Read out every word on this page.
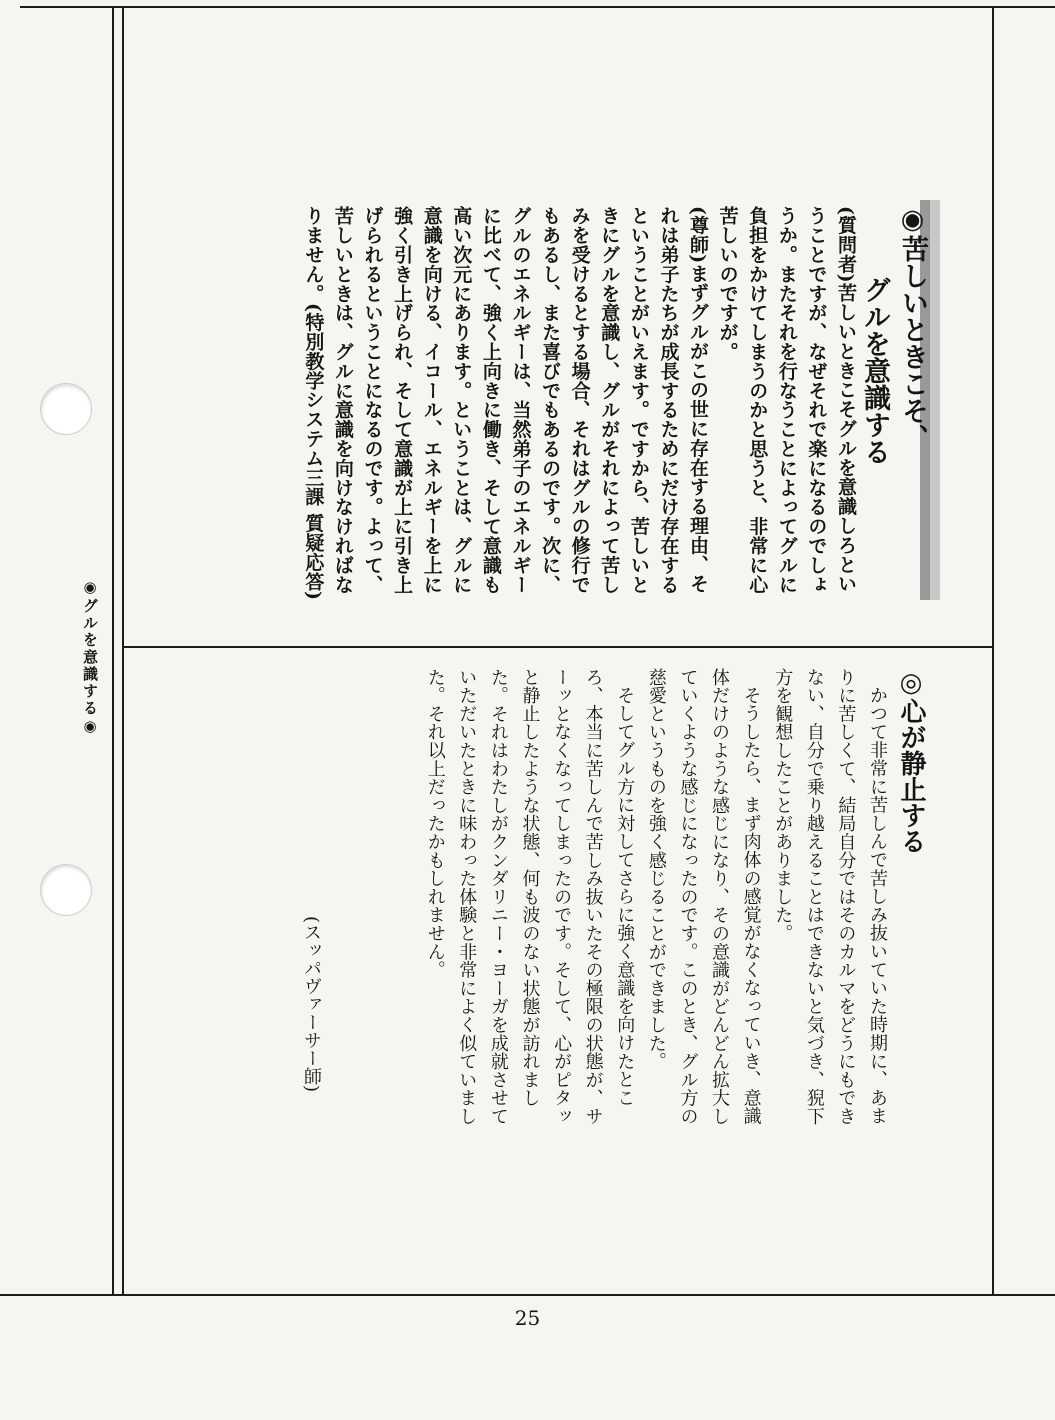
◉グルを意識する◉
◉苦しいときこそ、
グルを意識する

(質問者)苦しいときこそグルを意識しろということですが、なぜそれで楽になるのでしょうか。またそれを行なうことによってグルに負担をかけてしまうのかと思うと、非常に心苦しいのですが。

(尊師)まずグルがこの世に存在する理由、それは弟子たちが成長するためにだけ存在するということがいえます。ですから、苦しいときにグルを意識し、グルがそれによって苦しみを受けるとする場合、それはグルの修行でもあるし、また喜びでもあるのです。次に、グルのエネルギーは、当然弟子のエネルギーに比べて、強く上向きに働き、そして意識も高い次元にあります。ということは、グルに意識を向ける、イコール、エネルギーを上に強く引き上げられ、そして意識が上に引き上げられるということになるのです。よって、苦しいときは、グルに意識を向けなければなりません。(特別教学システム三課 質疑応答)

◎心が静止する

かつて非常に苦しんで苦しみ抜いていた時期に、あまりに苦しくて、結局自分ではそのカルマをどうにもできない、自分で乗り越えることはできないと気づき、猊下方を観想したことがありました。

そうしたら、まず肉体の感覚がなくなっていき、意識体だけのような感じになり、その意識がどんどん拡大していくような感じになったのです。このとき、グル方の慈愛というものを強く感じることができました。

そしてグル方に対してさらに強く意識を向けたところ、本当に苦しんで苦しみ抜いたその極限の状態が、サーッとなくなってしまったのです。そして、心がピタッと静止したような状態、何も波のない状態が訪れました。それはわたしがクンダリニー・ヨーガを成就させていただいたときに味わった体験と非常によく似ていました。それ以上だったかもしれません。

(スッパヴァーサー師)
25
